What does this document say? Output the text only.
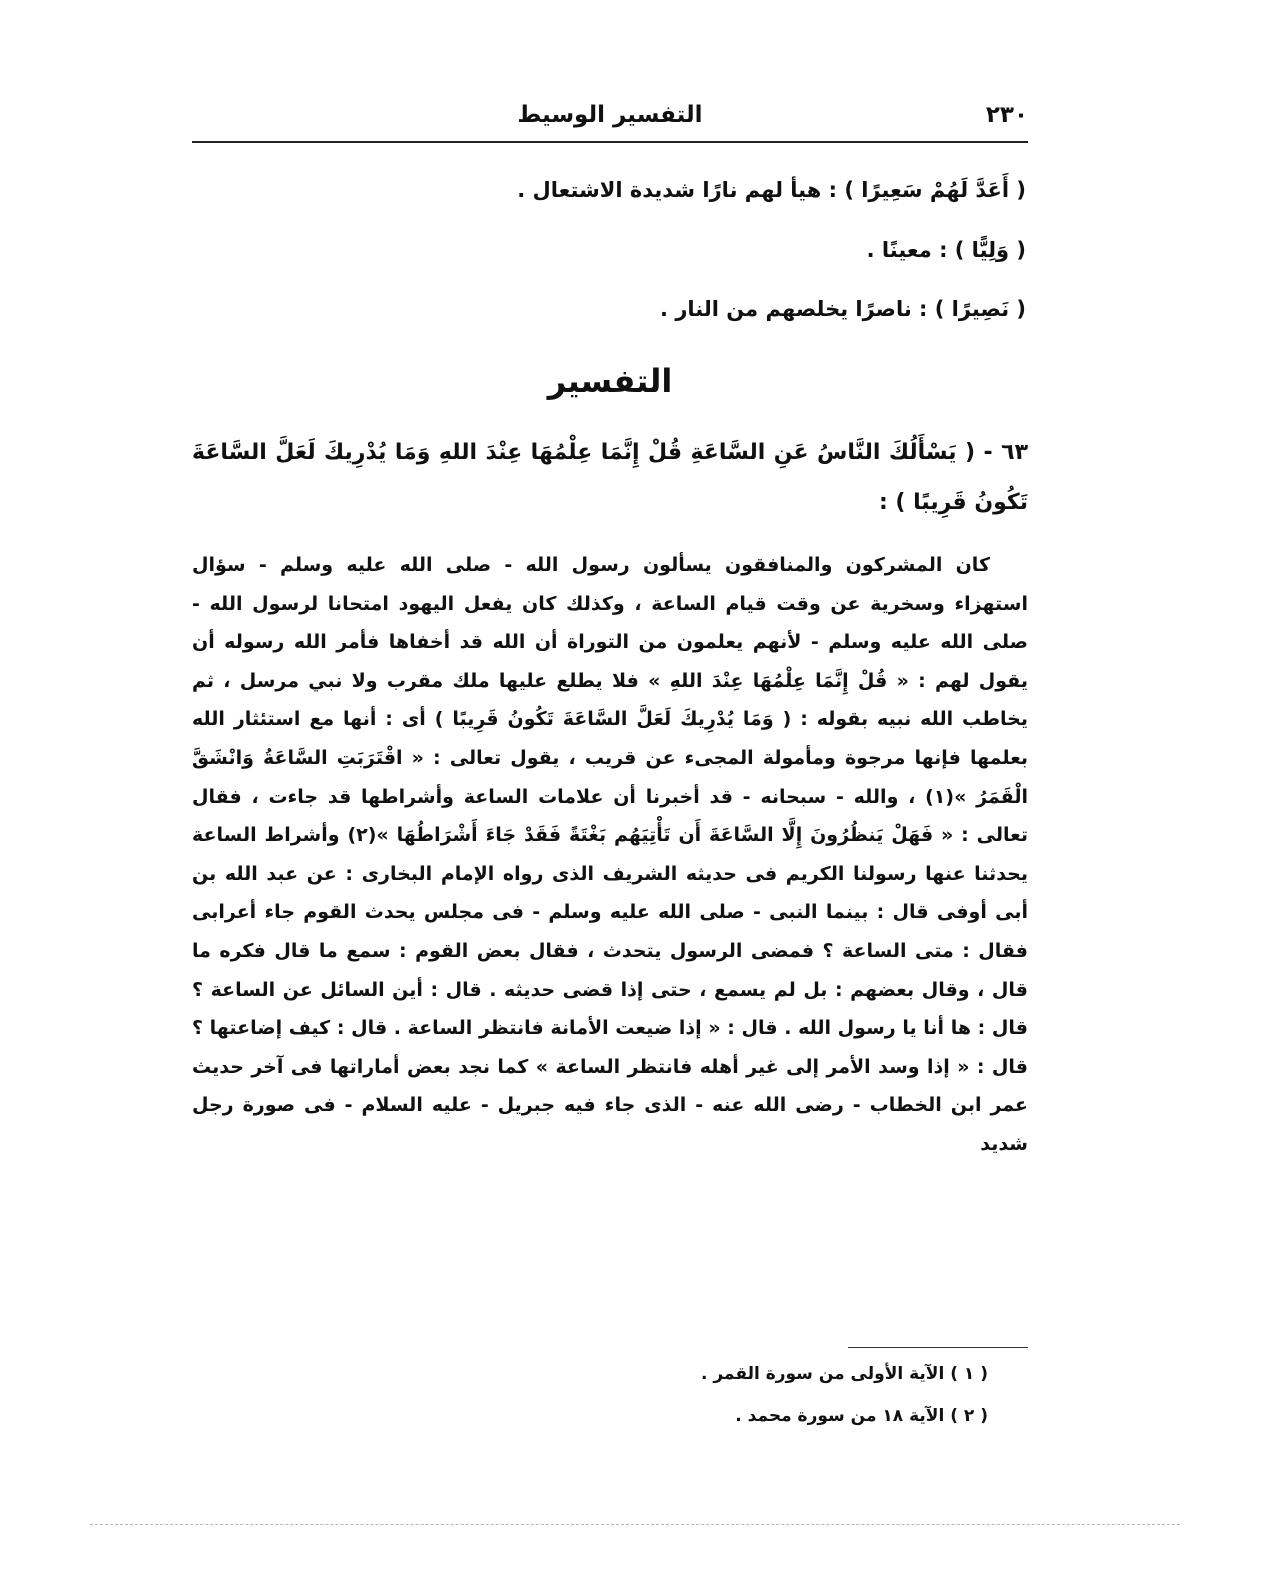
٢٣٠
التفسير الوسيط
( أَعَدَّ لَهُمْ سَعِيرًا ) : هيأ لهم نارًا شديدة الاشتعال .
( وَلِيًّا ) : معينًا .
( نَصِيرًا ) : ناصرًا يخلصهم من النار .
التفسير
٦٣ - ( يَسْأَلُكَ النَّاسُ عَنِ السَّاعَةِ قُلْ إِنَّمَا عِلْمُهَا عِنْدَ اللهِ وَمَا يُدْرِيكَ لَعَلَّ السَّاعَةَ تَكُونُ قَرِيبًا ) :

كان المشركون والمنافقون يسألون رسول الله - صلى الله عليه وسلم - سؤال استهزاء وسخرية عن وقت قيام الساعة ، وكذلك كان يفعل اليهود امتحانا لرسول الله - صلى الله عليه وسلم - لأنهم يعلمون من التوراة أن الله قد أخفاها فأمر الله رسوله أن يقول لهم : « قُلْ إِنَّمَا عِلْمُهَا عِنْدَ اللهِ » فلا يطلع عليها ملك مقرب ولا نبي مرسل ، ثم يخاطب الله نبيه بقوله : ( وَمَا يُدْرِيكَ لَعَلَّ السَّاعَةَ تَكُونُ قَرِيبًا ) أى : أنها مع استئثار الله بعلمها فإنها مرجوة ومأمولة المجىء عن قريب ، يقول تعالى : « اقْتَرَبَتِ السَّاعَةُ وَانْشَقَّ الْقَمَرُ »(١) ، والله - سبحانه - قد أخبرنا أن علامات الساعة وأشراطها قد جاءت ، فقال تعالى : « فَهَلْ يَنظُرُونَ إِلَّا السَّاعَةَ أَن تَأْتِيَهُم بَغْتَةً فَقَدْ جَاءَ أَشْرَاطُهَا »(٢) وأشراط الساعة يحدثنا عنها رسولنا الكريم فى حديثه الشريف الذى رواه الإمام البخارى : عن عبد الله بن أبى أوفى قال : بينما النبى - صلى الله عليه وسلم - فى مجلس يحدث القوم جاء أعرابى فقال : متى الساعة ؟ فمضى الرسول يتحدث ، فقال بعض القوم : سمع ما قال فكره ما قال ، وقال بعضهم : بل لم يسمع ، حتى إذا قضى حديثه . قال : أين السائل عن الساعة ؟ قال : ها أنا يا رسول الله . قال : « إذا ضيعت الأمانة فانتظر الساعة . قال : كيف إضاعتها ؟ قال : « إذا وسد الأمر إلى غير أهله فانتظر الساعة » كما نجد بعض أماراتها فى آخر حديث عمر ابن الخطاب - رضى الله عنه - الذى جاء فيه جبريل - عليه السلام - فى صورة رجل شديد

( ١ ) الآية الأولى من سورة القمر .
( ٢ ) الآية ١٨ من سورة محمد .
